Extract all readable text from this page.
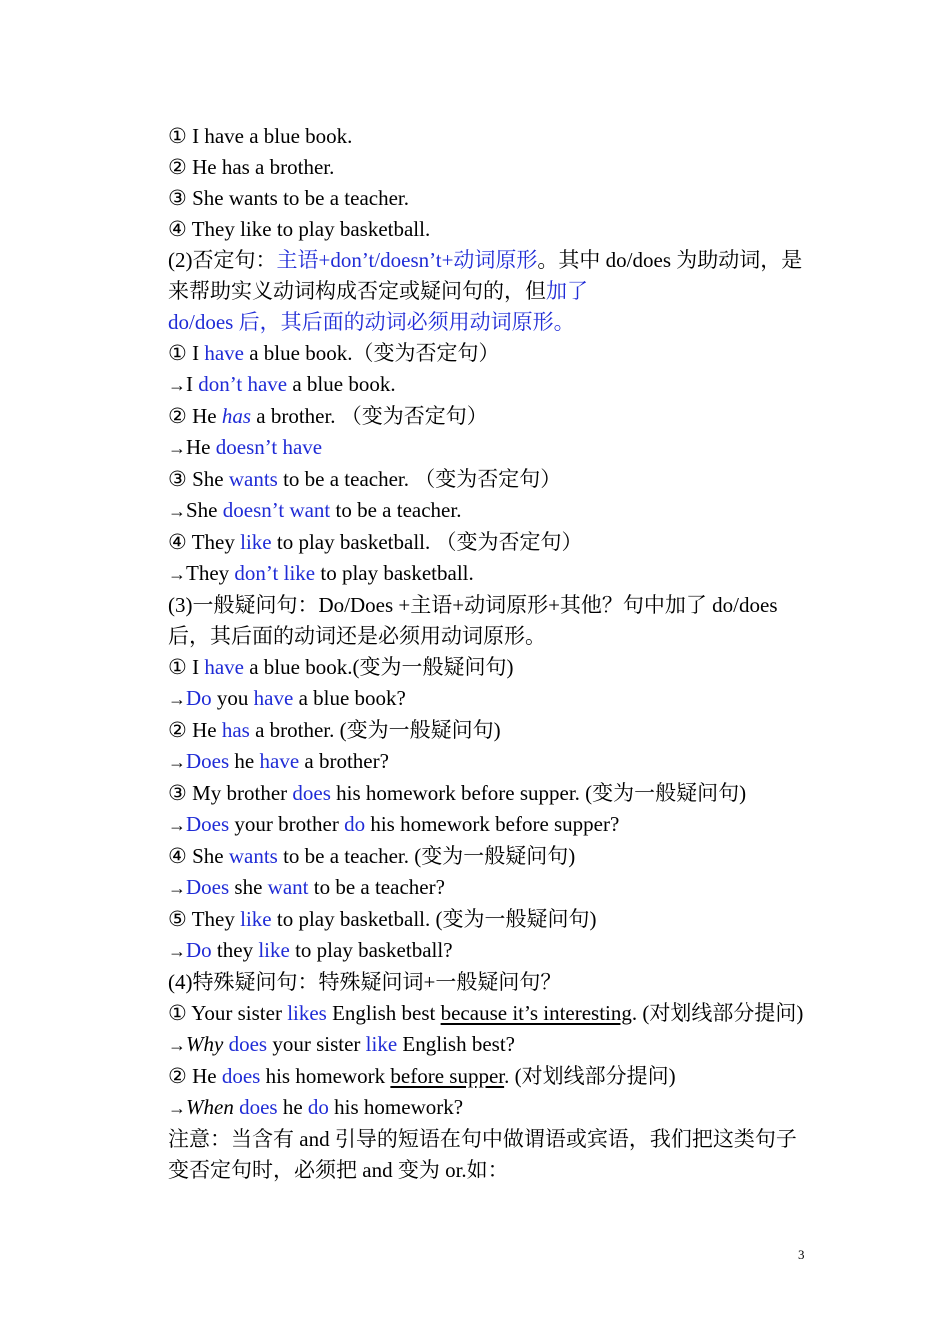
① I have a blue book.
② He has a brother.
③ She wants to be a teacher.
④ They like to play basketball.
(2)否定句：主语+don’t/doesn’t+动词原形。其中 do/does 为助动词，是来帮助实义动词构成否定或疑问句的，但加了
do/does 后，其后面的动词必须用动词原形。
① I have a blue book.（变为否定句）
→I don’t have a blue book.
② He has a brother. （变为否定句）
→He doesn’t have
③ She wants to be a teacher. （变为否定句）
→She doesn’t want to be a teacher.
④ They like to play basketball. （变为否定句）
→They don’t like to play basketball.
(3)一般疑问句：Do/Does +主语+动词原形+其他？句中加了 do/does 后，其后面的动词还是必须用动词原形。
① I have a blue book.(变为一般疑问句)
→Do you have a blue book?
② He has a brother. (变为一般疑问句)
→Does he have a brother?
③ My brother does his homework before supper. (变为一般疑问句)
→Does your brother do his homework before supper?
④ She wants to be a teacher. (变为一般疑问句)
→Does she want to be a teacher?
⑤ They like to play basketball. (变为一般疑问句)
→Do they like to play basketball?
(4)特殊疑问句：特殊疑问词+一般疑问句？
① Your sister likes English best because it’s interesting. (对划线部分提问)
→Why does your sister like English best?
② He does his homework before supper. (对划线部分提问)
→When does he do his homework?
注意：当含有 and 引导的短语在句中做谓语或宾语，我们把这类句子变否定句时，必须把 and 变为 or.如：
3
